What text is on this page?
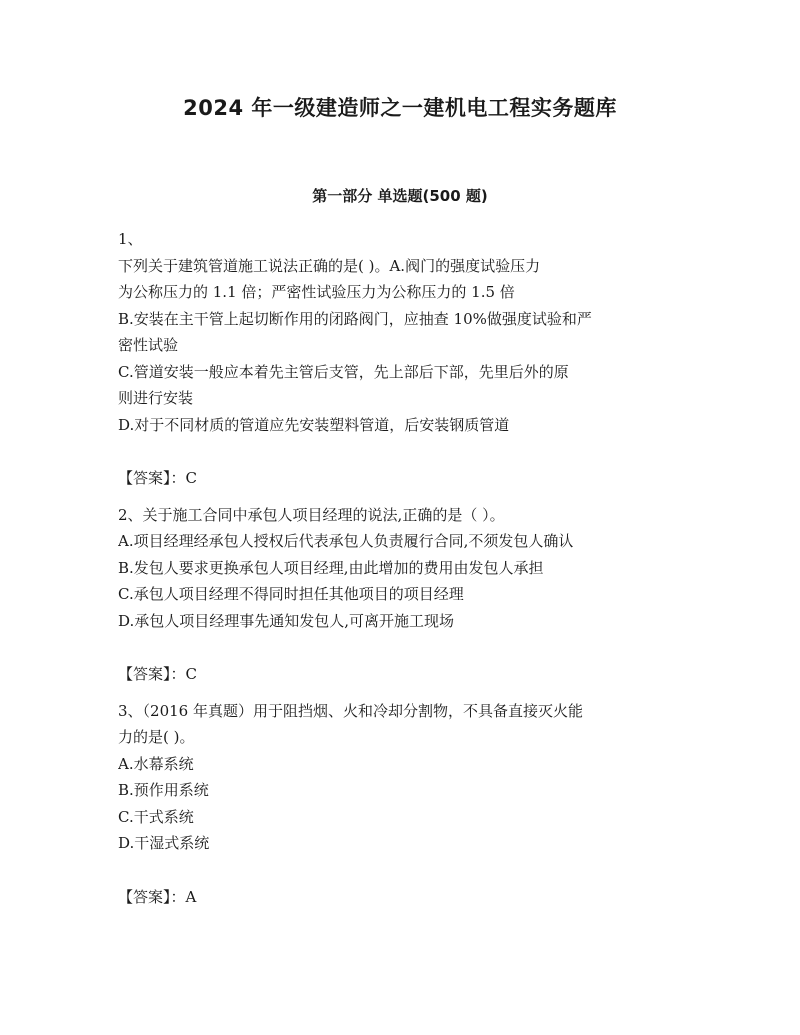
2024 年一级建造师之一建机电工程实务题库
第一部分 单选题(500 题)
1、
下列关于建筑管道施工说法正确的是( )。A.阀门的强度试验压力
为公称压力的 1.1 倍；严密性试验压力为公称压力的 1.5 倍
B.安装在主干管上起切断作用的闭路阀门，应抽查 10%做强度试验和严
密性试验
C.管道安装一般应本着先主管后支管，先上部后下部，先里后外的原
则进行安装
D.对于不同材质的管道应先安装塑料管道，后安装钢质管道
【答案】：C
2、关于施工合同中承包人项目经理的说法,正确的是（ ）。
A.项目经理经承包人授权后代表承包人负责履行合同,不须发包人确认
B.发包人要求更换承包人项目经理,由此增加的费用由发包人承担
C.承包人项目经理不得同时担任其他项目的项目经理
D.承包人项目经理事先通知发包人,可离开施工现场
【答案】：C
3、（2016 年真题）用于阻挡烟、火和冷却分割物，不具备直接灭火能
力的是( )。
A.水幕系统
B.预作用系统
C.干式系统
D.干湿式系统
【答案】：A
